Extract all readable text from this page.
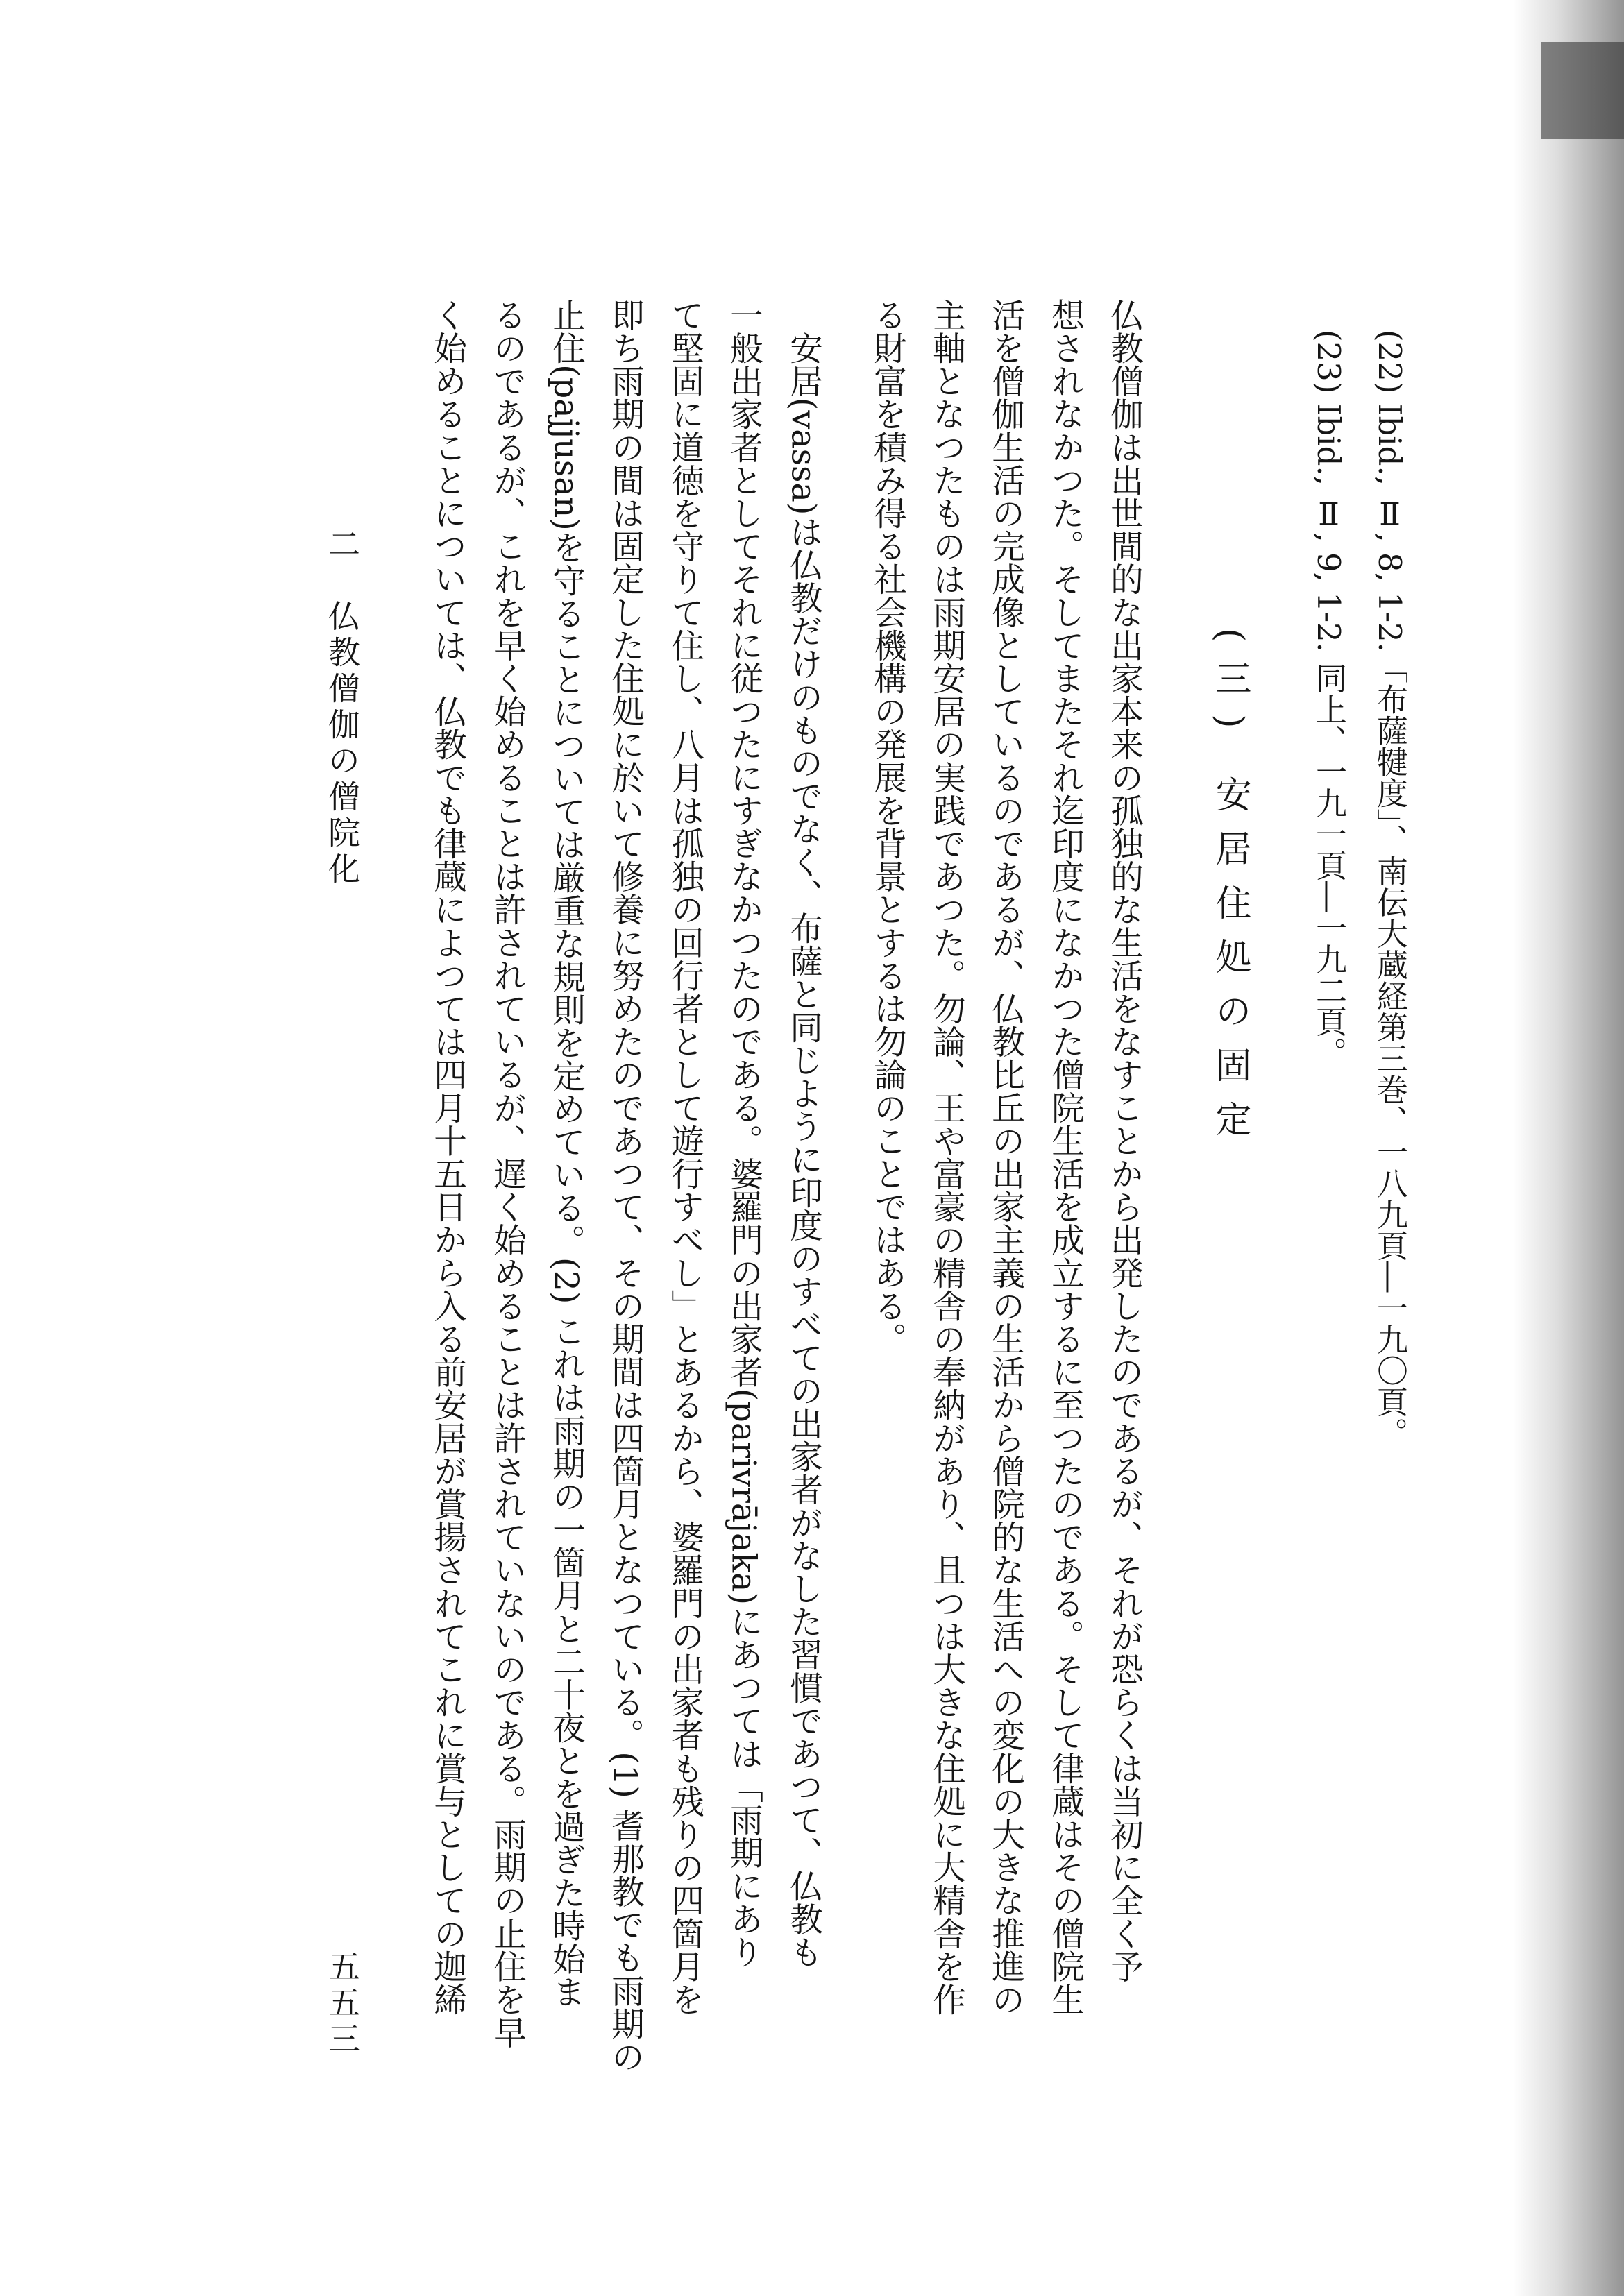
(22) Ibid., Ⅱ, 8, 1-2.「布薩犍度」、南伝大蔵経第三巻、一八九頁―一九〇頁。
(23) Ibid., Ⅱ, 9, 1-2. 同上、一九一頁―一九二頁。
(三) 安居住処の固定
仏教僧伽は出世間的な出家本来の孤独的な生活をなすことから出発したのであるが、それが恐らくは当初に全く予
想されなかつた。そしてまたそれ迄印度になかつた僧院生活を成立するに至つたのである。そして律蔵はその僧院生
活を僧伽生活の完成像としているのであるが、仏教比丘の出家主義の生活から僧院的な生活への変化の大きな推進の
主軸となつたものは雨期安居の実践であつた。勿論、王や富豪の精舎の奉納があり、且つは大きな住処に大精舎を作
る財富を積み得る社会機構の発展を背景とするは勿論のことではある。
　安居(vassa)は仏教だけのものでなく、布薩と同じように印度のすべての出家者がなした習慣であつて、仏教も
一般出家者としてそれに従つたにすぎなかつたのである。婆羅門の出家者(parivrājaka)にあつては「雨期にあり
て堅固に道徳を守りて住し、八月は孤独の回行者として遊行すべし」とあるから、婆羅門の出家者も残りの四箇月を
即ち雨期の間は固定した住処に於いて修養に努めたのであつて、その期間は四箇月となつている。(1) 耆那教でも雨期の
止住(pajjusan)を守ることについては厳重な規則を定めている。(2) これは雨期の一箇月と二十夜とを過ぎた時始ま
るのであるが、これを早く始めることは許されているが、遅く始めることは許されていないのである。雨期の止住を早
く始めることについては、仏教でも律蔵によつては四月十五日から入る前安居が賞揚されてこれに賞与としての迦絺
二　仏教僧伽の僧院化
五五三
